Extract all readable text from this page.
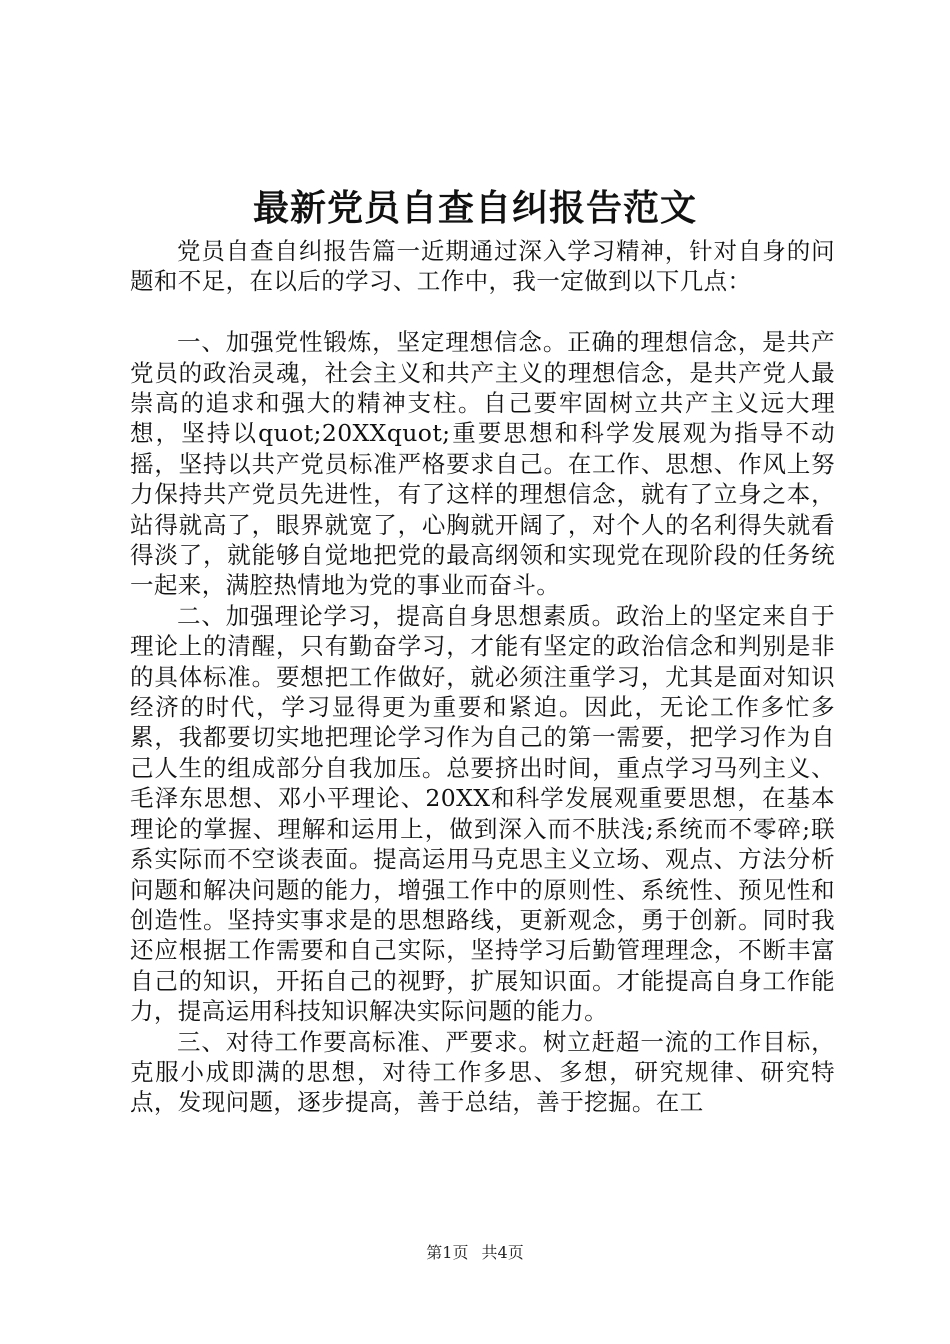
最新党员自查自纠报告范文

党员自查自纠报告篇一近期通过深入学习精神，针对自身的问题和不足，在以后的学习、工作中，我一定做到以下几点：

一、加强党性锻炼，坚定理想信念。正确的理想信念，是共产党员的政治灵魂，社会主义和共产主义的理想信念，是共产党人最崇高的追求和强大的精神支柱。自己要牢固树立共产主义远大理想，坚持以quot;20XXquot;重要思想和科学发展观为指导不动摇，坚持以共产党员标准严格要求自己。在工作、思想、作风上努力保持共产党员先进性，有了这样的理想信念，就有了立身之本，站得就高了，眼界就宽了，心胸就开阔了，对个人的名利得失就看得淡了，就能够自觉地把党的最高纲领和实现党在现阶段的任务统一起来，满腔热情地为党的事业而奋斗。

二、加强理论学习，提高自身思想素质。政治上的坚定来自于理论上的清醒，只有勤奋学习，才能有坚定的政治信念和判别是非的具体标准。要想把工作做好，就必须注重学习，尤其是面对知识经济的时代，学习显得更为重要和紧迫。因此，无论工作多忙多累，我都要切实地把理论学习作为自己的第一需要，把学习作为自己人生的组成部分自我加压。总要挤出时间，重点学习马列主义、毛泽东思想、邓小平理论、20XX和科学发展观重要思想，在基本理论的掌握、理解和运用上，做到深入而不肤浅;系统而不零碎;联系实际而不空谈表面。提高运用马克思主义立场、观点、方法分析问题和解决问题的能力，增强工作中的原则性、系统性、预见性和创造性。坚持实事求是的思想路线，更新观念，勇于创新。同时我还应根据工作需要和自己实际，坚持学习后勤管理理念，不断丰富自己的知识，开拓自己的视野，扩展知识面。才能提高自身工作能力，提高运用科技知识解决实际问题的能力。

三、对待工作要高标准、严要求。树立赶超一流的工作目标，克服小成即满的思想，对待工作多思、多想，研究规律、研究特点，发现问题，逐步提高，善于总结，善于挖掘。在工

第1页 共4页
